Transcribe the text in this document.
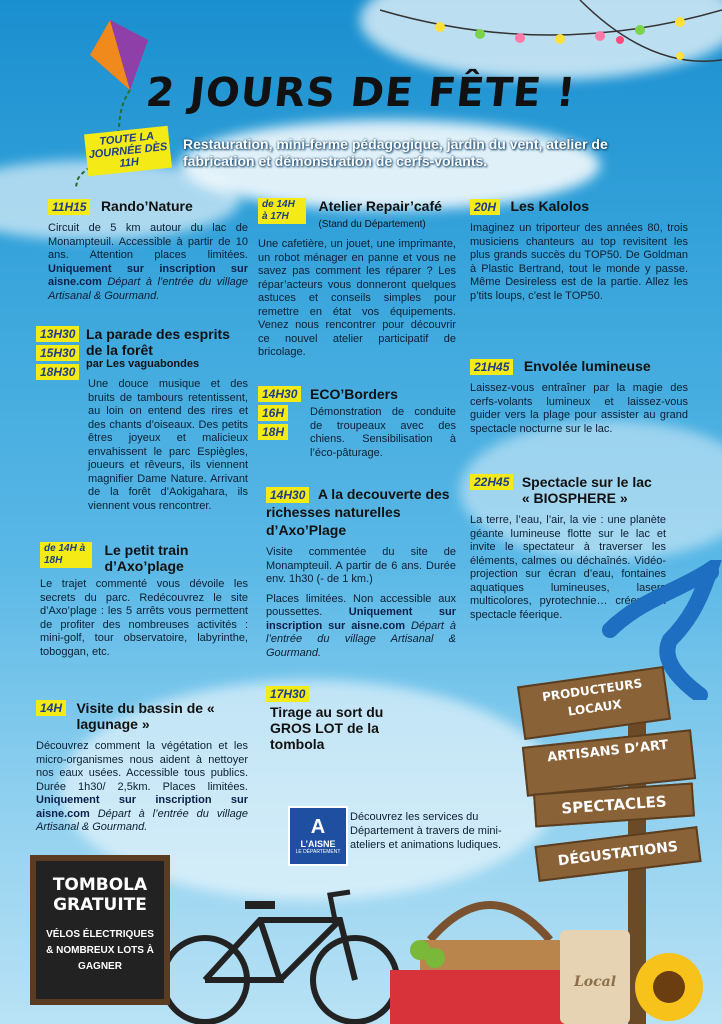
2 JOURS DE FÊTE !
TOUTE LA JOURNÉE DÈS 11H
Restauration, mini-ferme pédagogique, jardin du vent, atelier de fabrication et démonstration de cerfs-volants.
11H15 Rando’Nature
Circuit de 5 km autour du lac de Monampteuil. Accessible à partir de 10 ans. Attention places limitées. Uniquement sur inscription sur aisne.com Départ à l’entrée du village Artisanal & Gourmand.
13H30
15H30
18H30
La parade des esprits de la forêt
par Les vaguabondes
Une douce musique et des bruits de tambours retentissent, au loin on entend des rires et des chants d’oiseaux. Des petits êtres joyeux et malicieux envahissent le parc Espiègles, joueurs et rêveurs, ils viennent magnifier Dame Nature. Arrivant de la forêt d’Aokigahara, ils viennent vous rencontrer.
de 14H à 18H Le petit train d’Axo’plage
Le trajet commenté vous dévoile les secrets du parc. Redécouvrez le site d’Axo’plage : les 5 arrêts vous permettent de profiter des nombreuses activités : mini-golf, tour observatoire, labyrinthe, toboggan, etc.
14H Visite du bassin de « lagunage »
Découvrez comment la végétation et les micro-organismes nous aident à nettoyer nos eaux usées. Accessible tous publics. Durée 1h30/ 2,5km. Places limitées. Uniquement sur inscription sur aisne.com Départ à l’entrée du village Artisanal & Gourmand.
de 14H à 17H
Atelier Repair’café
(Stand du Département)
Une cafetière, un jouet, une imprimante, un robot ménager en panne et vous ne savez pas comment les réparer ? Les répar’acteurs vous donneront quelques astuces et conseils simples pour remettre en état vos équipements. Venez nous rencontrer pour découvrir ce nouvel atelier participatif de bricolage.
14H30
16H
18H
ECO’Borders
Démonstration de conduite de troupeaux avec des chiens. Sensibilisation à l’éco-pâturage.
14H30 A la decouverte des richesses naturelles d’Axo’Plage
Visite commentée du site de Monampteuil. A partir de 6 ans. Durée env. 1h30 (- de 1 km.)
Places limitées. Non accessible aux poussettes. Uniquement sur inscription sur aisne.com Départ à l’entrée du village Artisanal & Gourmand.
17H30 Tirage au sort du GROS LOT de la tombola
20H Les Kalolos
Imaginez un triporteur des années 80, trois musiciens chanteurs au top revisitent les plus grands succès du TOP50. De Goldman à Plastic Bertrand, tout le monde y passe. Même Desireless est de la partie. Allez les p’tits loups, c’est le TOP50.
21H45 Envolée lumineuse
Laissez-vous entraîner par la magie des cerfs-volants lumineux et laissez-vous guider vers la plage pour assister au grand spectacle nocturne sur le lac.
22H45 Spectacle sur le lac « BIOSPHERE »
La terre, l’eau, l’air, la vie : une planète géante lumineuse flotte sur le lac et invite le spectateur à traverser les éléments, calmes ou déchaînés. Vidéo-projection sur écran d’eau, fontaines aquatiques lumineuses, lasers multicolores, pyrotechnie… créent un spectacle féerique.
A
L’AISNE
LE DÉPARTEMENT
Découvrez les services du Département à travers de mini-ateliers et animations ludiques.
PRODUCTEURS LOCAUX
ARTISANS D’ART
SPECTACLES
DÉGUSTATIONS
Local
TOMBOLA GRATUITE
VÉLOS ÉLECTRIQUES & NOMBREUX LOTS À GAGNER
